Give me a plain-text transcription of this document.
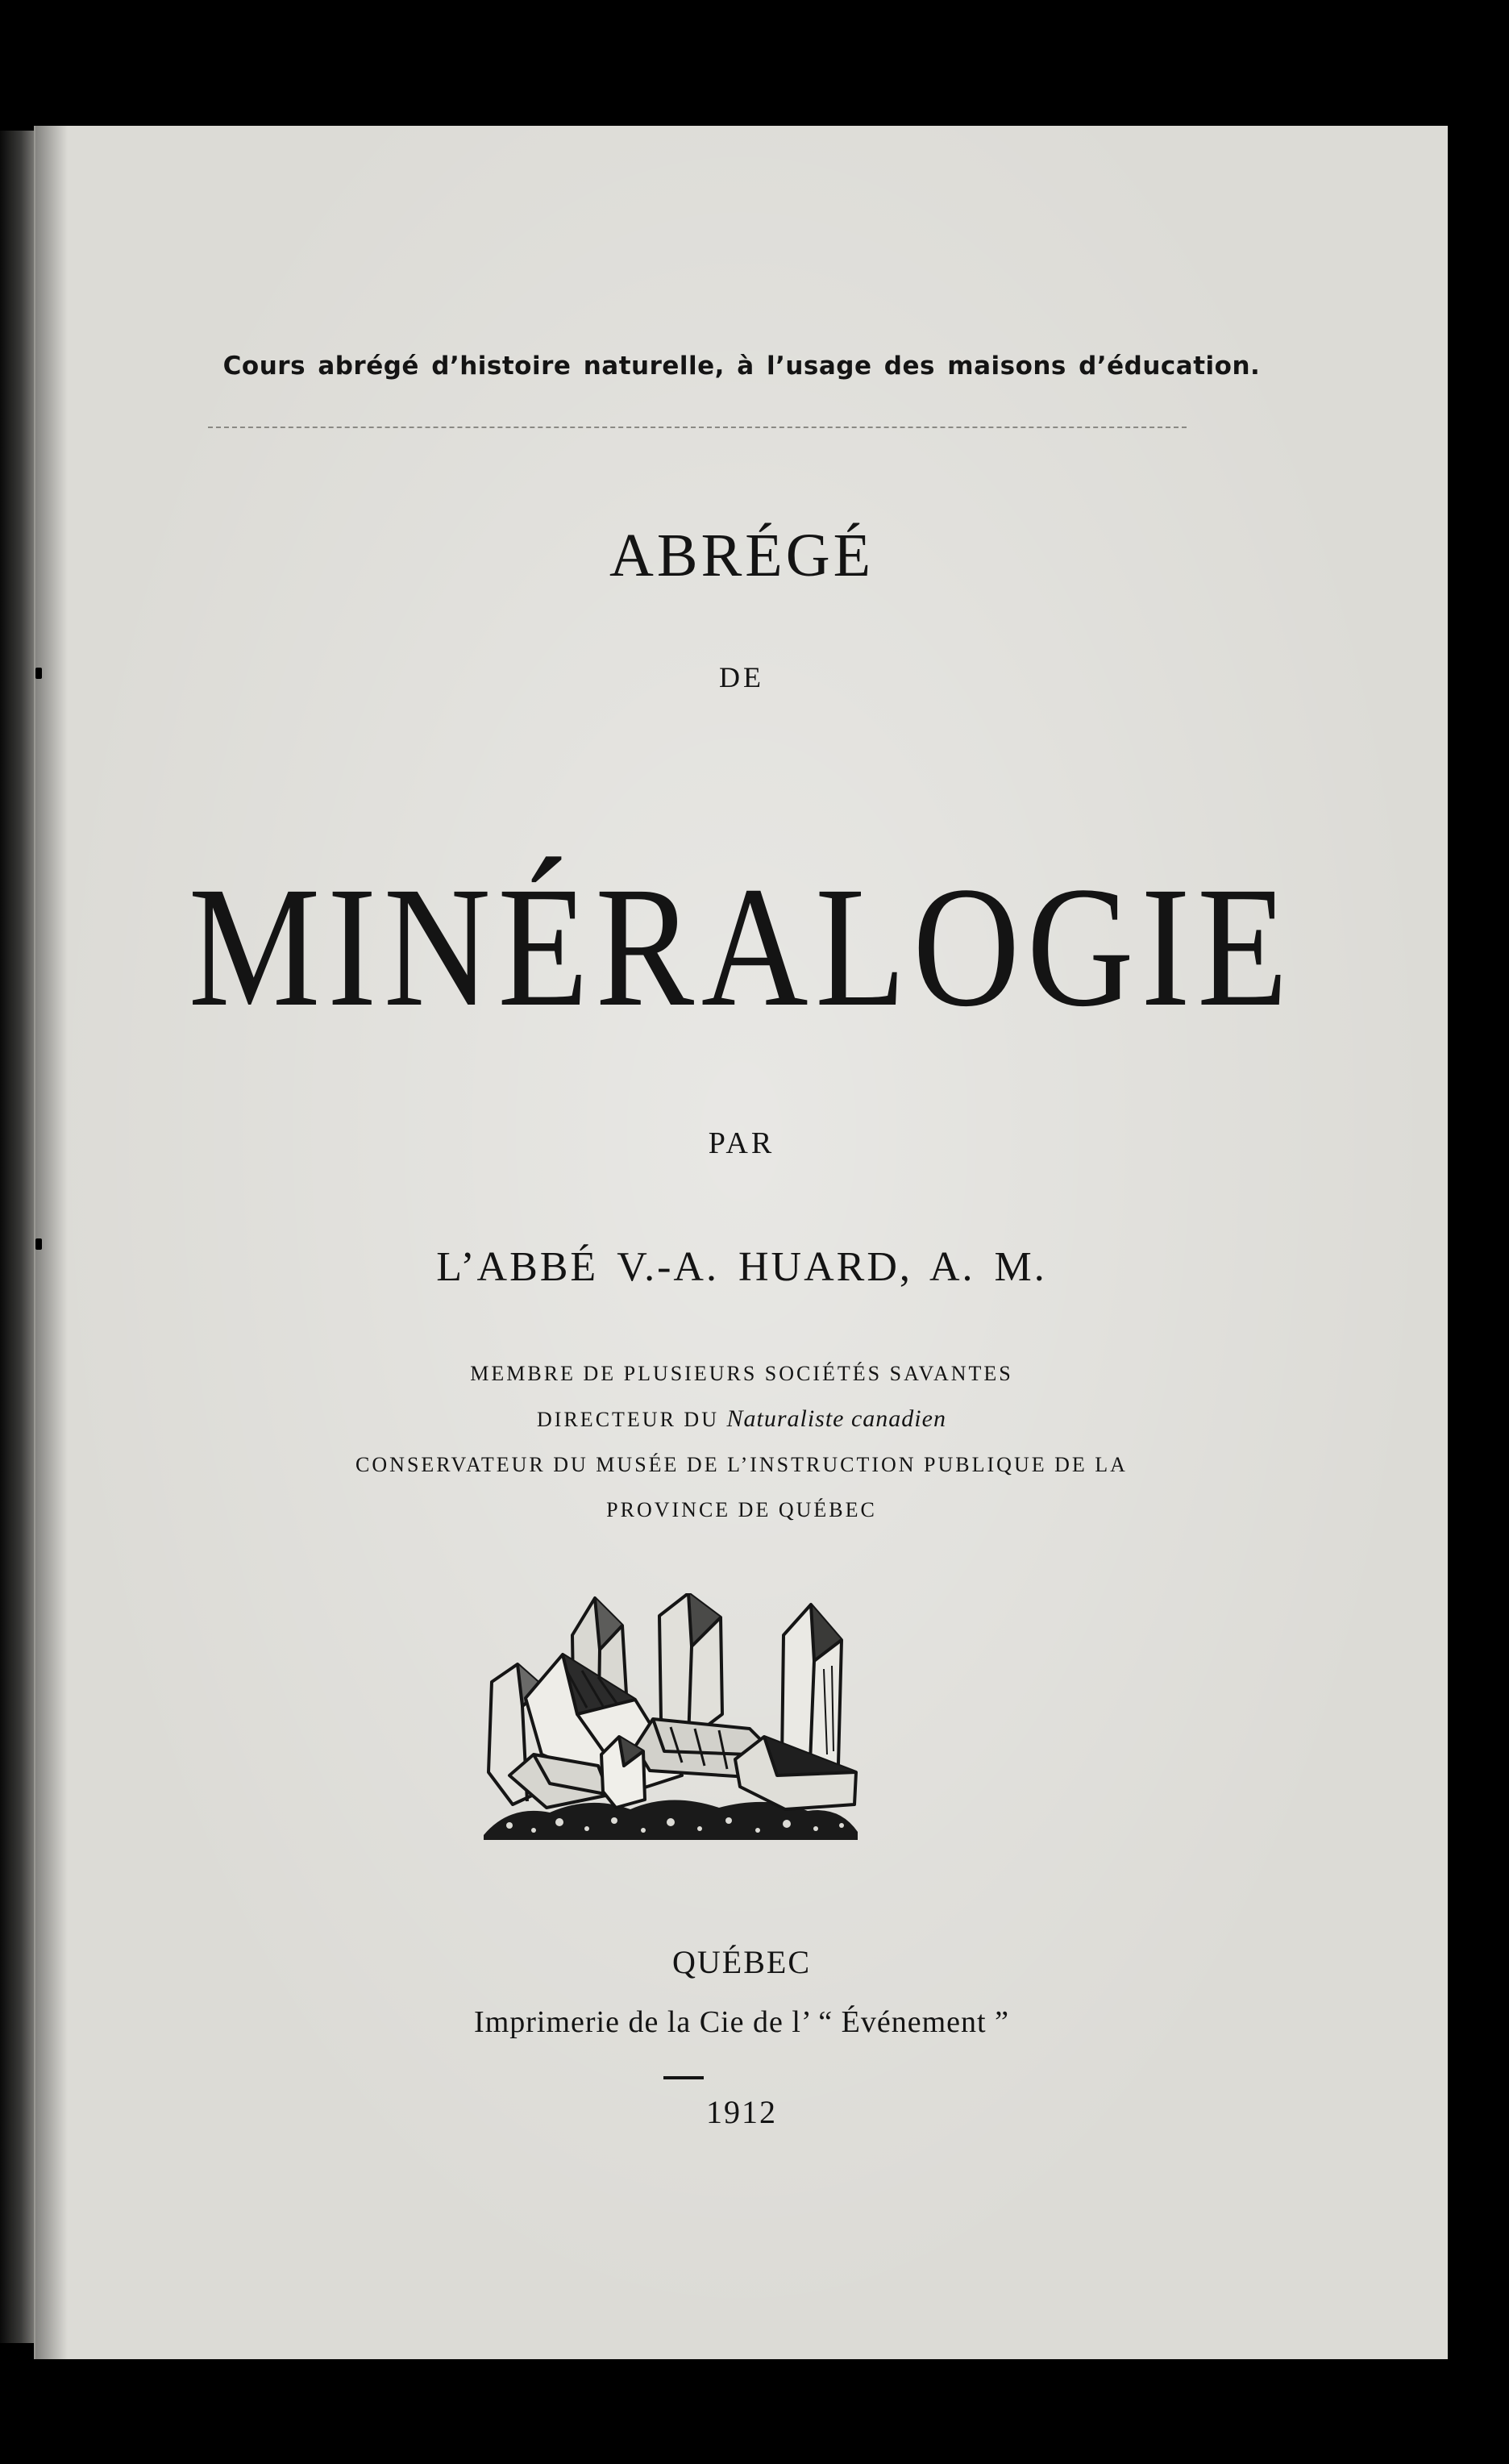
Cours abrégé d’histoire naturelle, à l’usage des maisons d’éducation.
ABRÉGÉ
DE
MINÉRALOGIE
PAR
L’ABBÉ V.-A. HUARD, A. M.
MEMBRE DE PLUSIEURS SOCIÉTÉS SAVANTES
DIRECTEUR DU Naturaliste canadien
CONSERVATEUR DU MUSÉE DE L’INSTRUCTION PUBLIQUE DE LA
PROVINCE DE QUÉBEC
QUÉBEC
Imprimerie de la Cie de l’ “ Événement ”
1912
